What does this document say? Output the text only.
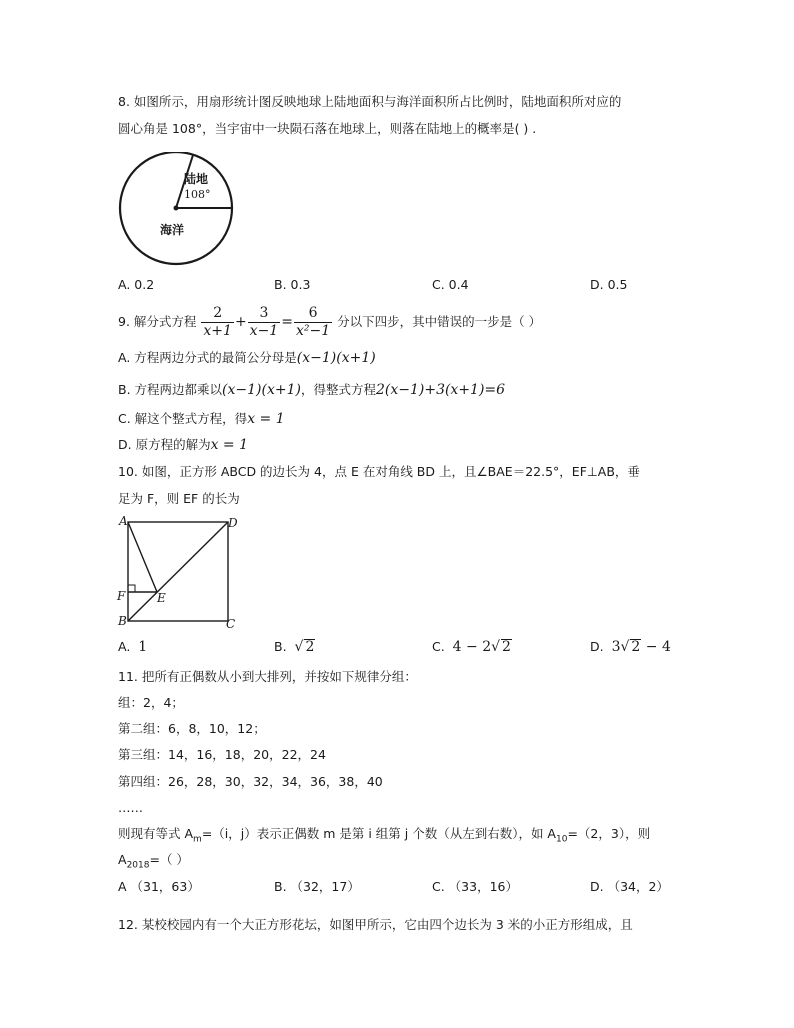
8. 如图所示，用扇形统计图反映地球上陆地面积与海洋面积所占比例时，陆地面积所对应的
圆心角是 108°，当宇宙中一块陨石落在地球上，则落在陆地上的概率是( ) .
陆地
108°
海洋
A. 0.2	B. 0.3	C. 0.4	D. 0.5
9. 解分式方程 $\frac{2}{x+1} + \frac{3}{x-1} = \frac{6}{\text{x²−1}}$ 分以下四步，其中错误的一步是（ ）
A. 方程两边分式的最简公分母是(x−1)(x+1)
B. 方程两边都乘以(x−1)(x+1)，得整式方程2(x−1)+3(x+1)=6
C. 解这个整式方程，得x = 1
D. 原方程的解为x = 1
10. 如图，正方形 ABCD 的边长为 4，点 E 在对角线 BD 上，且∠BAE＝22.5°，EF⊥AB，垂
足为 F，则 EF 的长为
A	D
F	E
B	C
A. 1	B. √ 2	C. 4 − 2√ 2	D. 3√ 2 − 4
11. 把所有正偶数从小到大排列，并按如下规律分组：
组：2，4；
第二组：6，8，10，12；
第三组：14，16，18，20，22，24
第四组：26，28，30，32，34，36，38，40
……
则现有等式 $A_m=(i$，j）表示正偶数 m 是第 i 组第 j 个数（从左到右数），如 $A_{10}=(2$，3），则
$A_{2018}=$（ ）
A （31，63）	B. （32，17）	C. （33，16）	D. （34，2）
12. 某校校园内有一个大正方形花坛，如图甲所示，它由四个边长为 3 米的小正方形组成，且
